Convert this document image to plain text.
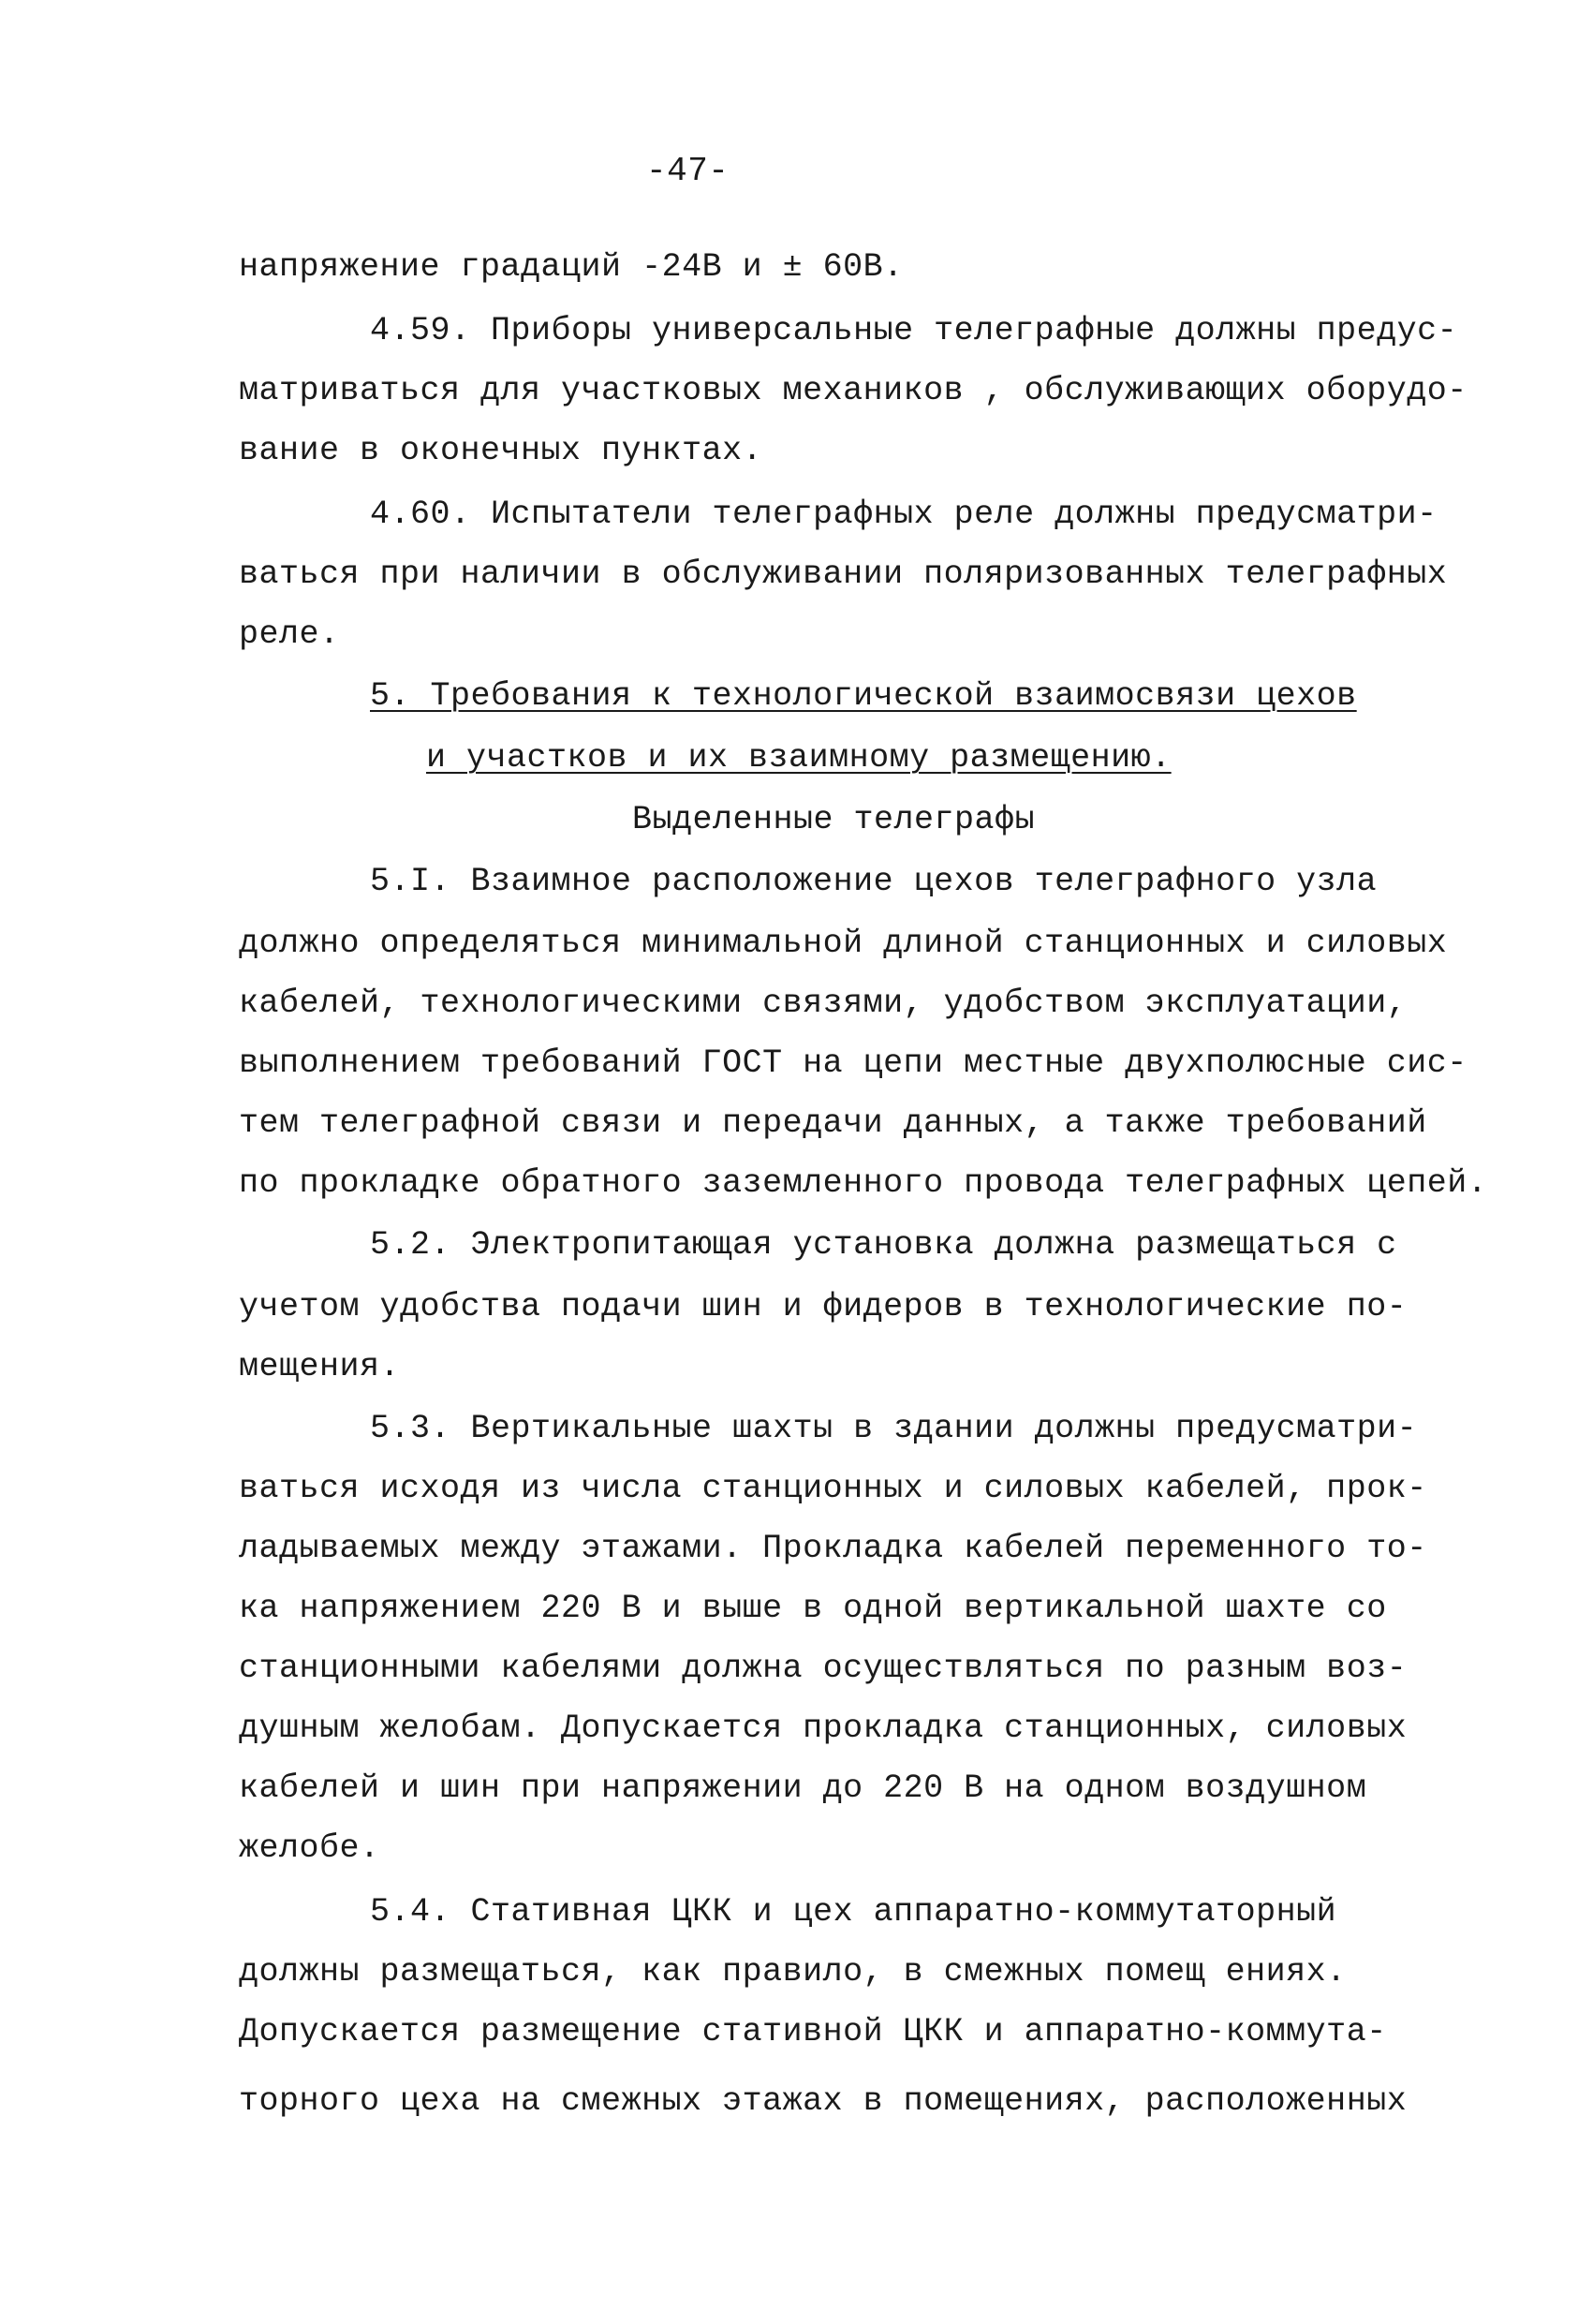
-47-
напряжение градаций -24В и ± 60В.
4.59. Приборы универсальные телеграфные должны предус-
матриваться для участковых механиков , обслуживающих оборудо-
вание в оконечных пунктах.
4.60. Испытатели телеграфных реле должны предусматри-
ваться при наличии в обслуживании поляризованных телеграфных
реле.
5. Требования к технологической взаимосвязи цехов
и участков и их взаимному размещению.
Выделенные телеграфы
5.I. Взаимное расположение цехов телеграфного узла
должно определяться минимальной длиной станционных и силовых
кабелей, технологическими связями, удобством эксплуатации,
выполнением требований ГОСТ на цепи местные двухполюсные сис-
тем телеграфной связи и передачи данных, а также требований
по прокладке обратного заземленного провода телеграфных цепей.
5.2. Электропитающая установка должна размещаться с
учетом удобства подачи шин и фидеров в технологические по-
мещения.
5.3. Вертикальные шахты в здании должны предусматри-
ваться исходя из числа станционных и силовых кабелей, прок-
ладываемых между этажами. Прокладка кабелей переменного то-
ка напряжением 220 В и выше в одной вертикальной шахте со
станционными кабелями должна осуществляться по разным воз-
душным желобам. Допускается прокладка станционных, силовых
кабелей и шин при напряжении до 220 В на одном воздушном
желобе.
5.4. Стативная ЦКК и цех аппаратно-коммутаторный
должны размещаться, как правило, в смежных помещ ениях.
Допускается размещение стативной ЦКК и аппаратно-коммута-
торного цеха на смежных этажах в помещениях, расположенных
